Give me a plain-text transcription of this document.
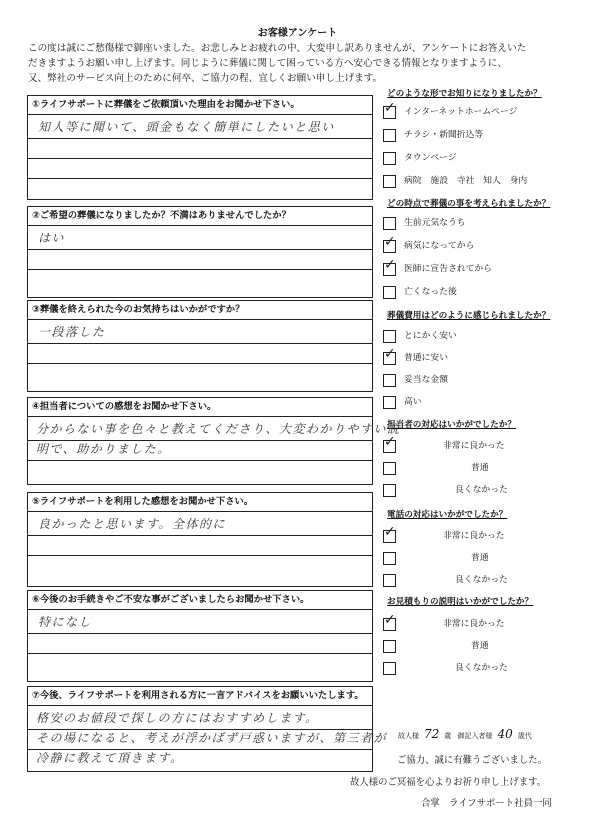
お客様アンケート
この度は誠にご愁傷様で御座いました。お悲しみとお疲れの中、大変申し訳ありませんが、アンケートにお答えいた
だきますようお願い申し上げます。同じように葬儀に関して困っている方へ安心できる情報となりますように、
又、弊社のサービス向上のために何卒、ご協力の程、宜しくお願い申し上げます。
①ライフサポートに葬儀をご依頼頂いた理由をお聞かせ下さい。
知人等に聞いて、頭金もなく簡単にしたいと思い
②ご希望の葬儀になりましたか？不満はありませんでしたか？
はい
③葬儀を終えられた今のお気持ちはいかがですか？
一段落した
④担当者についての感想をお聞かせ下さい。
分からない事を色々と教えてくださり、大変わかりやすい説
明で、助かりました。
⑤ライフサポートを利用した感想をお聞かせ下さい。
良かったと思います。全体的に
⑥今後のお手続きやご不安な事がございましたらお聞かせ下さい。
特になし
⑦今後、ライフサポートを利用される方に一言アドバイスをお願いいたします。
格安のお値段で探しの方にはおすすめします。
その場になると、考えが浮かばず戸惑いますが、第三者が
冷静に教えて頂きます。
どのような形でお知りになりましたか？
✓ インターネットホームページ
チラシ・新聞折込等
タウンページ
病院　施設　寺社　知人　身内
どの時点で葬儀の事を考えられましたか？
生前元気なうち
✓ 病気になってから
✓ 医師に宣告されてから
亡くなった後
葬儀費用はどのように感じられましたか？
とにかく安い
✓ 普通に安い
妥当な金額
高い
担当者の対応はいかがでしたか？
✓	非常に良かった
普通
良くなかった
電話の対応はいかがでしたか？
✓	非常に良かった
普通
良くなかった
お見積もりの説明はいかがでしたか？
✓	非常に良かった
普通
良くなかった
故人様 72 歳 御記入者様 40 歳代
ご協力、誠に有難うございました。
故人様のご冥福を心よりお祈り申し上げます。
合掌　ライフサポート社員一同
